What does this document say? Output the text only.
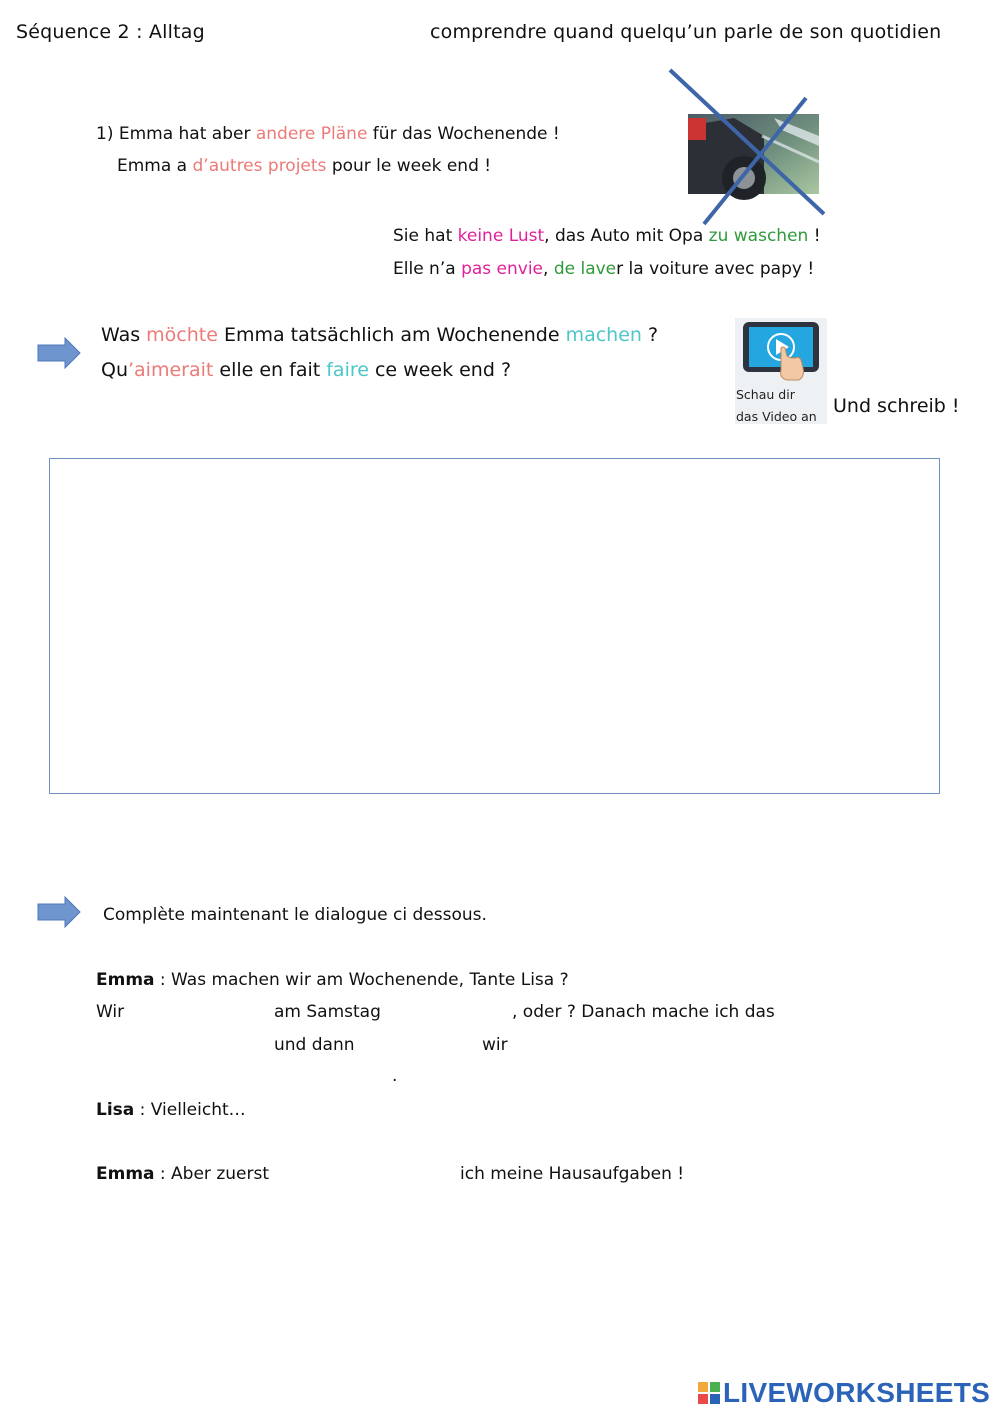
Séquence 2 : Alltag	comprendre quand quelqu’un parle de son quotidien
1) Emma hat aber andere Pläne für das Wochenende !
Emma a d’autres projets pour le week end !
Sie hat keine Lust, das Auto mit Opa zu waschen !
Elle n’a pas envie, de laver la voiture avec papy !
Was möchte Emma tatsächlich am Wochenende machen ?
Qu’aimerait elle en fait faire ce week end ?
Schau dir
das Video an Und schreib !
Complète maintenant le dialogue ci dessous.
Emma : Was machen wir am Wochenende, Tante Lisa ?
Wir	am Samstag	, oder ? Danach mache ich das
und dann	wir
.
Lisa : Vielleicht…
Emma : Aber zuerst	ich meine Hausaufgaben !
LIVEWORKSHEETS
